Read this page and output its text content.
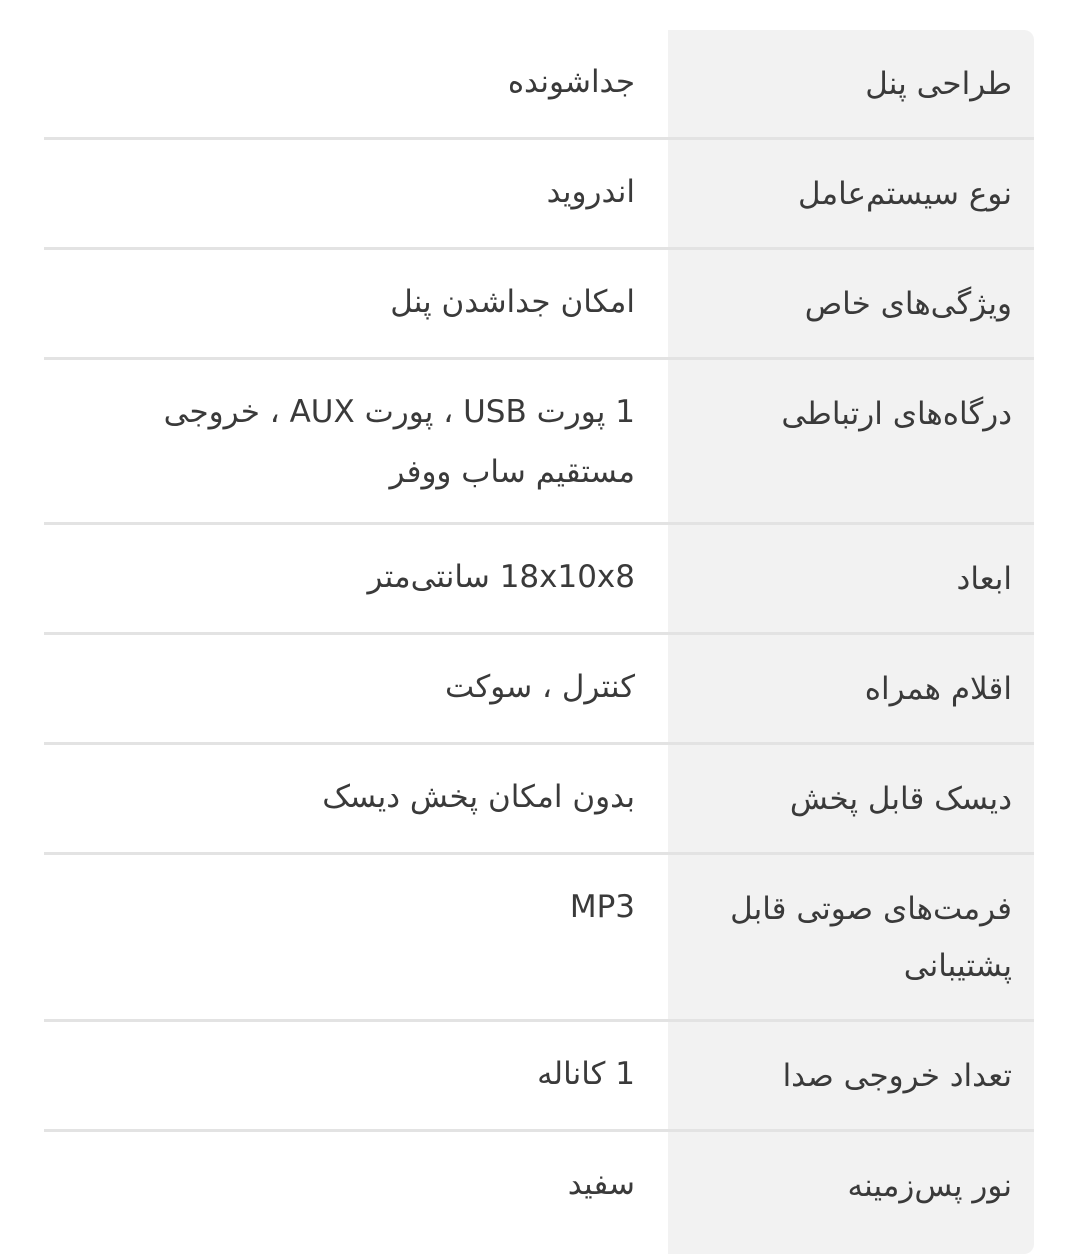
طراحی پنل
جداشونده
نوع سیستم‌عامل
اندروید
ویژگی‌های خاص
امکان جداشدن پنل
درگاه‌های ارتباطی
1 پورت USB ، پورت AUX ، خروجی مستقیم ساب ووفر
ابعاد
18x10x8 سانتی‌متر
اقلام همراه
کنترل ، سوکت
دیسک قابل پخش
بدون امکان پخش دیسک
فرمت‌های صوتی قابل پشتیبانی
MP3
تعداد خروجی صدا
1 کاناله
نور پس‌زمینه
سفید
